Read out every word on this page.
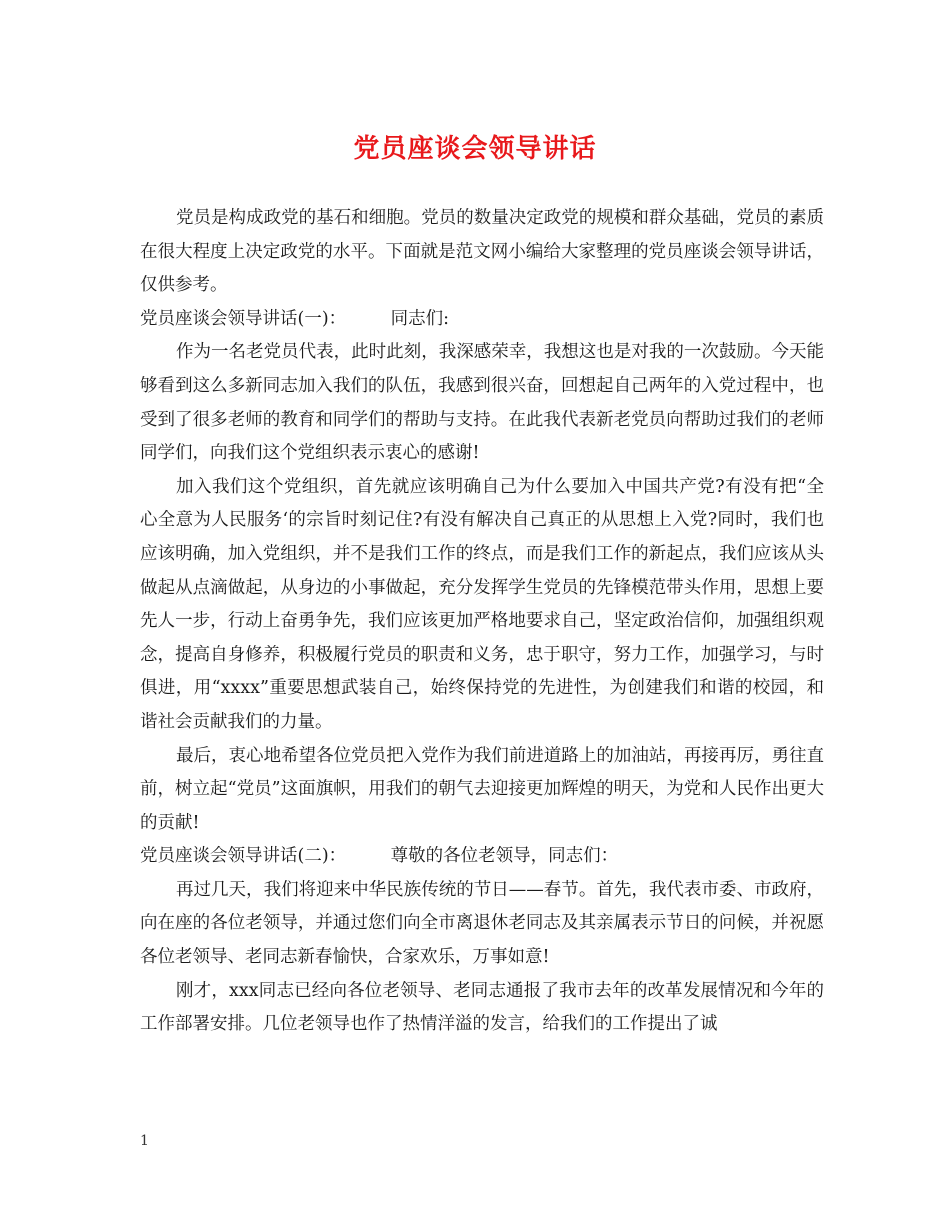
党员座谈会领导讲话

党员是构成政党的基石和细胞。党员的数量决定政党的规模和群众基础，党员的素质在很大程度上决定政党的水平。下面就是范文网小编给大家整理的党员座谈会领导讲话，仅供参考。

党员座谈会领导讲话(一)：        同志们:

作为一名老党员代表，此时此刻，我深感荣幸，我想这也是对我的一次鼓励。今天能够看到这么多新同志加入我们的队伍，我感到很兴奋，回想起自己两年的入党过程中，也受到了很多老师的教育和同学们的帮助与支持。在此我代表新老党员向帮助过我们的老师同学们，向我们这个党组织表示衷心的感谢!

加入我们这个党组织，首先就应该明确自己为什么要加入中国共产党?有没有把“全心全意为人民服务‘的宗旨时刻记住?有没有解决自己真正的从思想上入党?同时，我们也应该明确，加入党组织，并不是我们工作的终点，而是我们工作的新起点，我们应该从头做起从点滴做起，从身边的小事做起，充分发挥学生党员的先锋模范带头作用，思想上要先人一步，行动上奋勇争先，我们应该更加严格地要求自己，坚定政治信仰，加强组织观念，提高自身修养，积极履行党员的职责和义务，忠于职守，努力工作，加强学习，与时俱进，用“xxxx”重要思想武装自己，始终保持党的先进性，为创建我们和谐的校园，和谐社会贡献我们的力量。

最后，衷心地希望各位党员把入党作为我们前进道路上的加油站，再接再厉，勇往直前，树立起“党员”这面旗帜，用我们的朝气去迎接更加辉煌的明天，为党和人民作出更大的贡献!

党员座谈会领导讲话(二)：        尊敬的各位老领导，同志们：

再过几天，我们将迎来中华民族传统的节日——春节。首先，我代表市委、市政府，向在座的各位老领导，并通过您们向全市离退休老同志及其亲属表示节日的问候，并祝愿各位老领导、老同志新春愉快，合家欢乐，万事如意!

刚才，xxx同志已经向各位老领导、老同志通报了我市去年的改革发展情况和今年的工作部署安排。几位老领导也作了热情洋溢的发言，给我们的工作提出了诚

1
